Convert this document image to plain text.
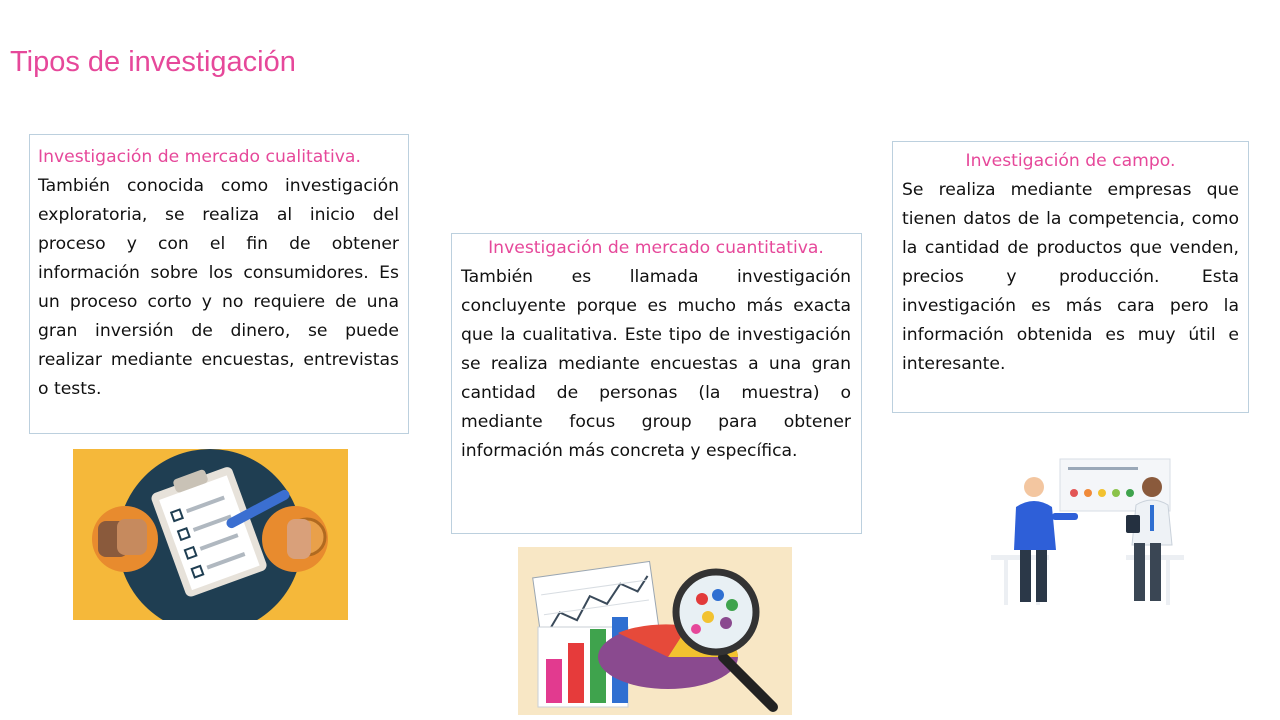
Tipos de investigación
Investigación de mercado cualitativa.
También conocida como investigación exploratoria, se realiza al inicio del proceso y con el fin de obtener información sobre los consumidores. Es un proceso corto y no requiere de una gran inversión de dinero, se puede realizar mediante encuestas, entrevistas o tests.
Investigación de mercado cuantitativa.
También es llamada investigación concluyente porque es mucho más exacta que la cualitativa. Este tipo de investigación se realiza mediante encuestas a una gran cantidad de personas (la muestra) o mediante focus group para obtener información más concreta y específica.
Investigación de campo.
Se realiza mediante empresas que tienen datos de la competencia, como la cantidad de productos que venden, precios y producción. Esta investigación es más cara pero la información obtenida es muy útil e interesante.
